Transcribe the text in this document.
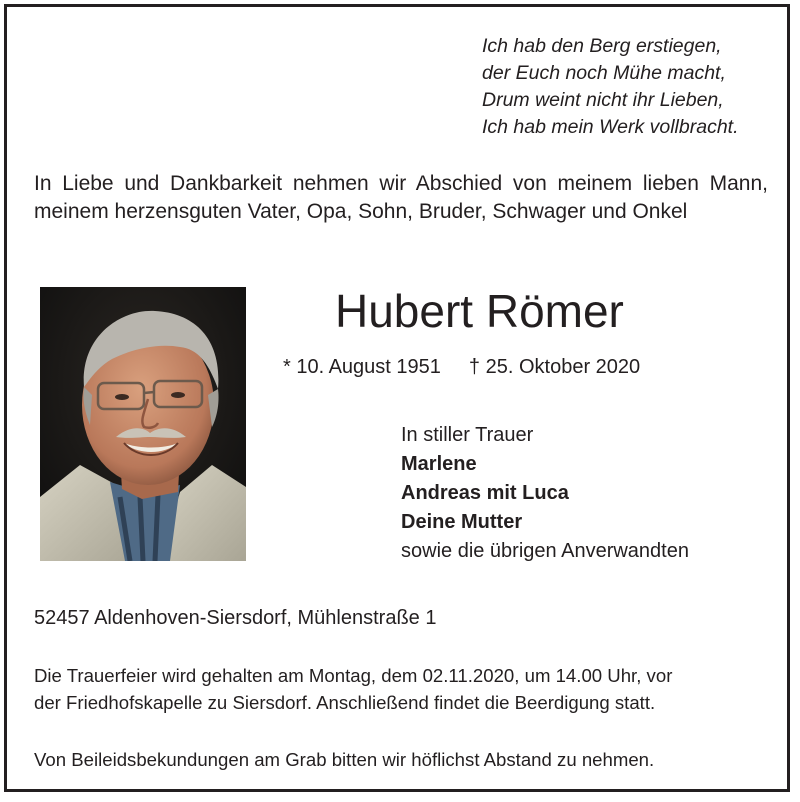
Ich hab den Berg erstiegen,
der Euch noch Mühe macht,
Drum weint nicht ihr Lieben,
Ich hab mein Werk vollbracht.
In Liebe und Dankbarkeit nehmen wir Abschied von meinem lieben Mann, meinem herzensguten Vater, Opa, Sohn, Bruder, Schwager und Onkel
Hubert Römer
* 10. August 1951 † 25. Oktober 2020
In stiller Trauer
Marlene
Andreas mit Luca
Deine Mutter
sowie die übrigen Anverwandten
52457 Aldenhoven-Siersdorf, Mühlenstraße 1
Die Trauerfeier wird gehalten am Montag, dem 02.11.2020, um 14.00 Uhr, vor
der Friedhofskapelle zu Siersdorf. Anschließend findet die Beerdigung statt.
Von Beileidsbekundungen am Grab bitten wir höflichst Abstand zu nehmen.
